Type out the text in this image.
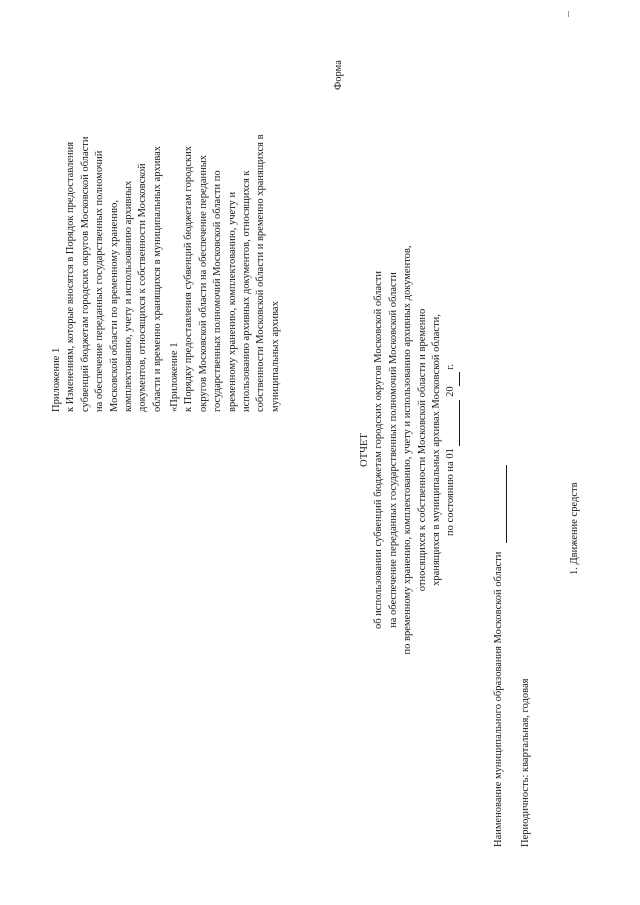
Форма
Приложение 1 к Изменениям, которые вносятся в Порядок предоставления субвенций бюджетам городских округов Московской области на обеспечение переданных государственных полномочий Московской области по временному хранению, комплектованию, учету и использованию архивных документов, относящихся к собственности Московской области и временно хранящихся в муниципальных архивах «Приложение 1 к Порядку предоставления субвенций бюджетам городских округов Московской области на обеспечение переданных государственных полномочий Московской области по временному хранению, комплектованию, учету и использованию архивных документов, относящихся к собственности Московской области и временно хранящихся в муниципальных архивах
ОТЧЕТ об использовании субвенций бюджетам городских округов Московской области на обеспечение переданных государственных полномочий Московской области по временному хранению, комплектованию, учету и использованию архивных документов, относящихся к собственности Московской области и временно хранящихся в муниципальных архивах Московской области, по состоянию на 01   20  г.
Наименование муниципального образования Московской области	Периодичность: квартальная, годовая
1. Движение средств
